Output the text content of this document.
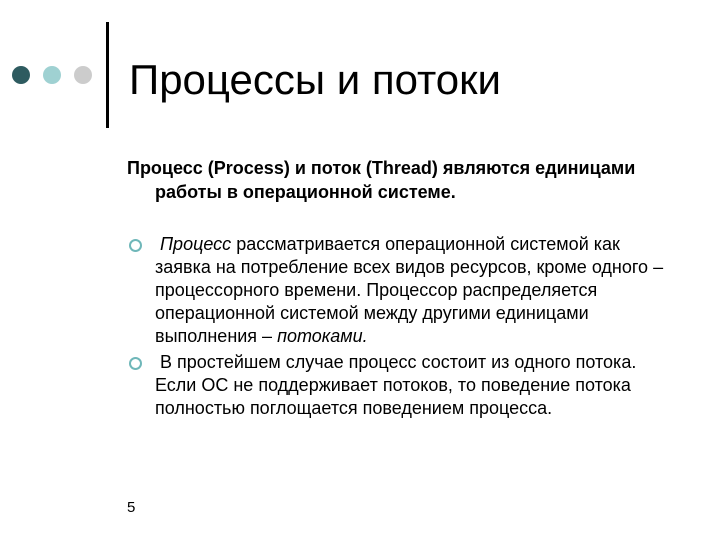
Процессы и потоки
Процесс (Process) и поток (Thread) являются единицами работы в операционной системе.
Процесс рассматривается операционной системой как заявка на потребление всех видов ресурсов, кроме одного – процессорного времени. Процессор распределяется операционной системой между другими единицами выполнения – потоками.
В простейшем случае процесс состоит из одного потока. Если ОС не поддерживает потоков, то поведение потока полностью поглощается поведением процесса.
5
